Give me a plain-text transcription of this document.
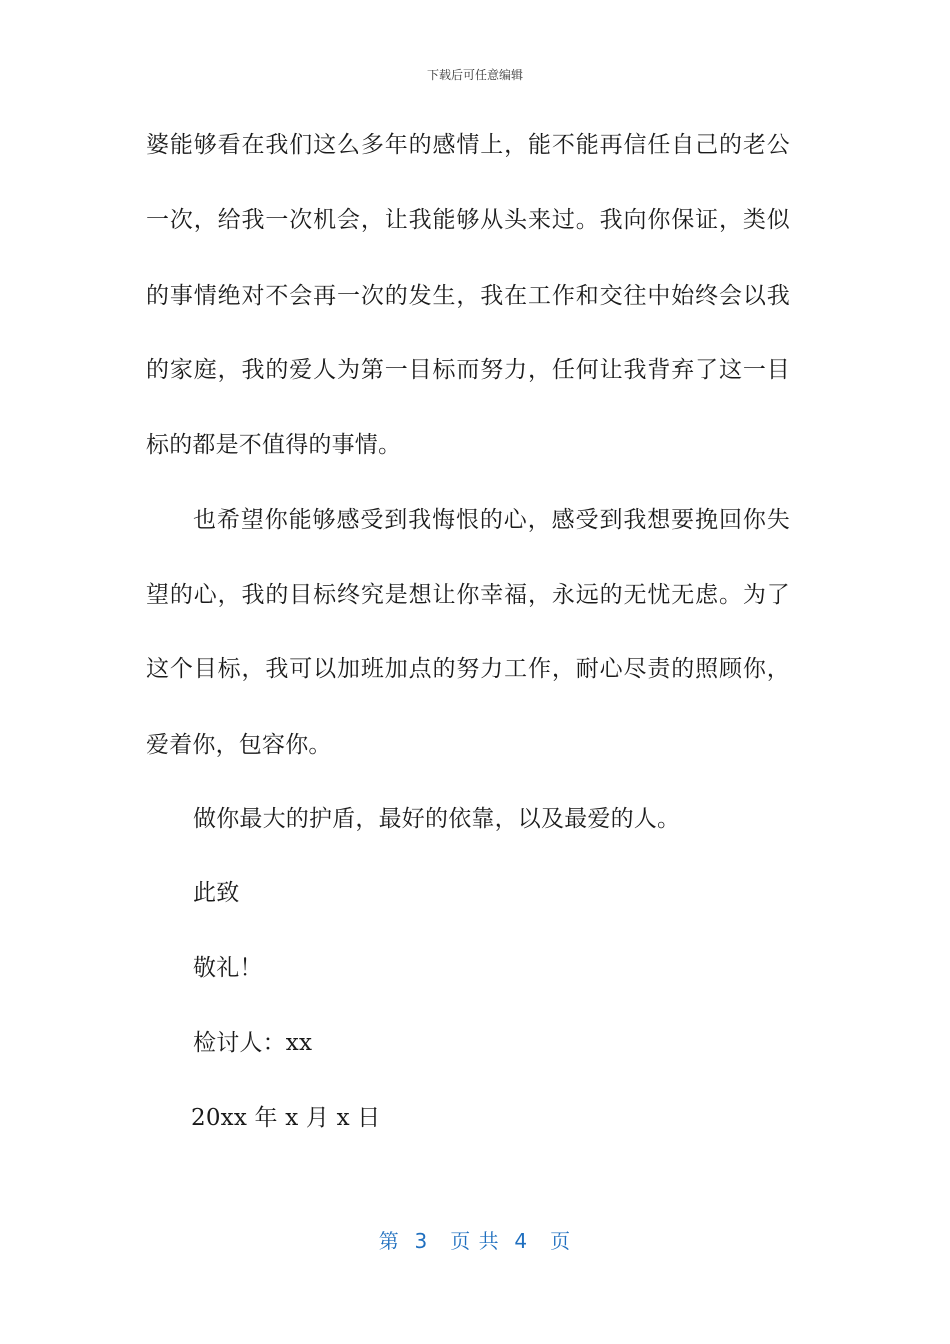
下载后可任意编辑
婆能够看在我们这么多年的感情上，能不能再信任自己的老公
一次，给我一次机会，让我能够从头来过。我向你保证，类似
的事情绝对不会再一次的发生，我在工作和交往中始终会以我
的家庭，我的爱人为第一目标而努力，任何让我背弃了这一目
标的都是不值得的事情。
也希望你能够感受到我悔恨的心，感受到我想要挽回你失
望的心，我的目标终究是想让你幸福，永远的无忧无虑。为了
这个目标，我可以加班加点的努力工作，耐心尽责的照顾你，
爱着你，包容你。
做你最大的护盾，最好的依靠，以及最爱的人。
此致
敬礼！
检讨人：xx
20xx 年 x 月 x 日
第  3   页 共  4   页
